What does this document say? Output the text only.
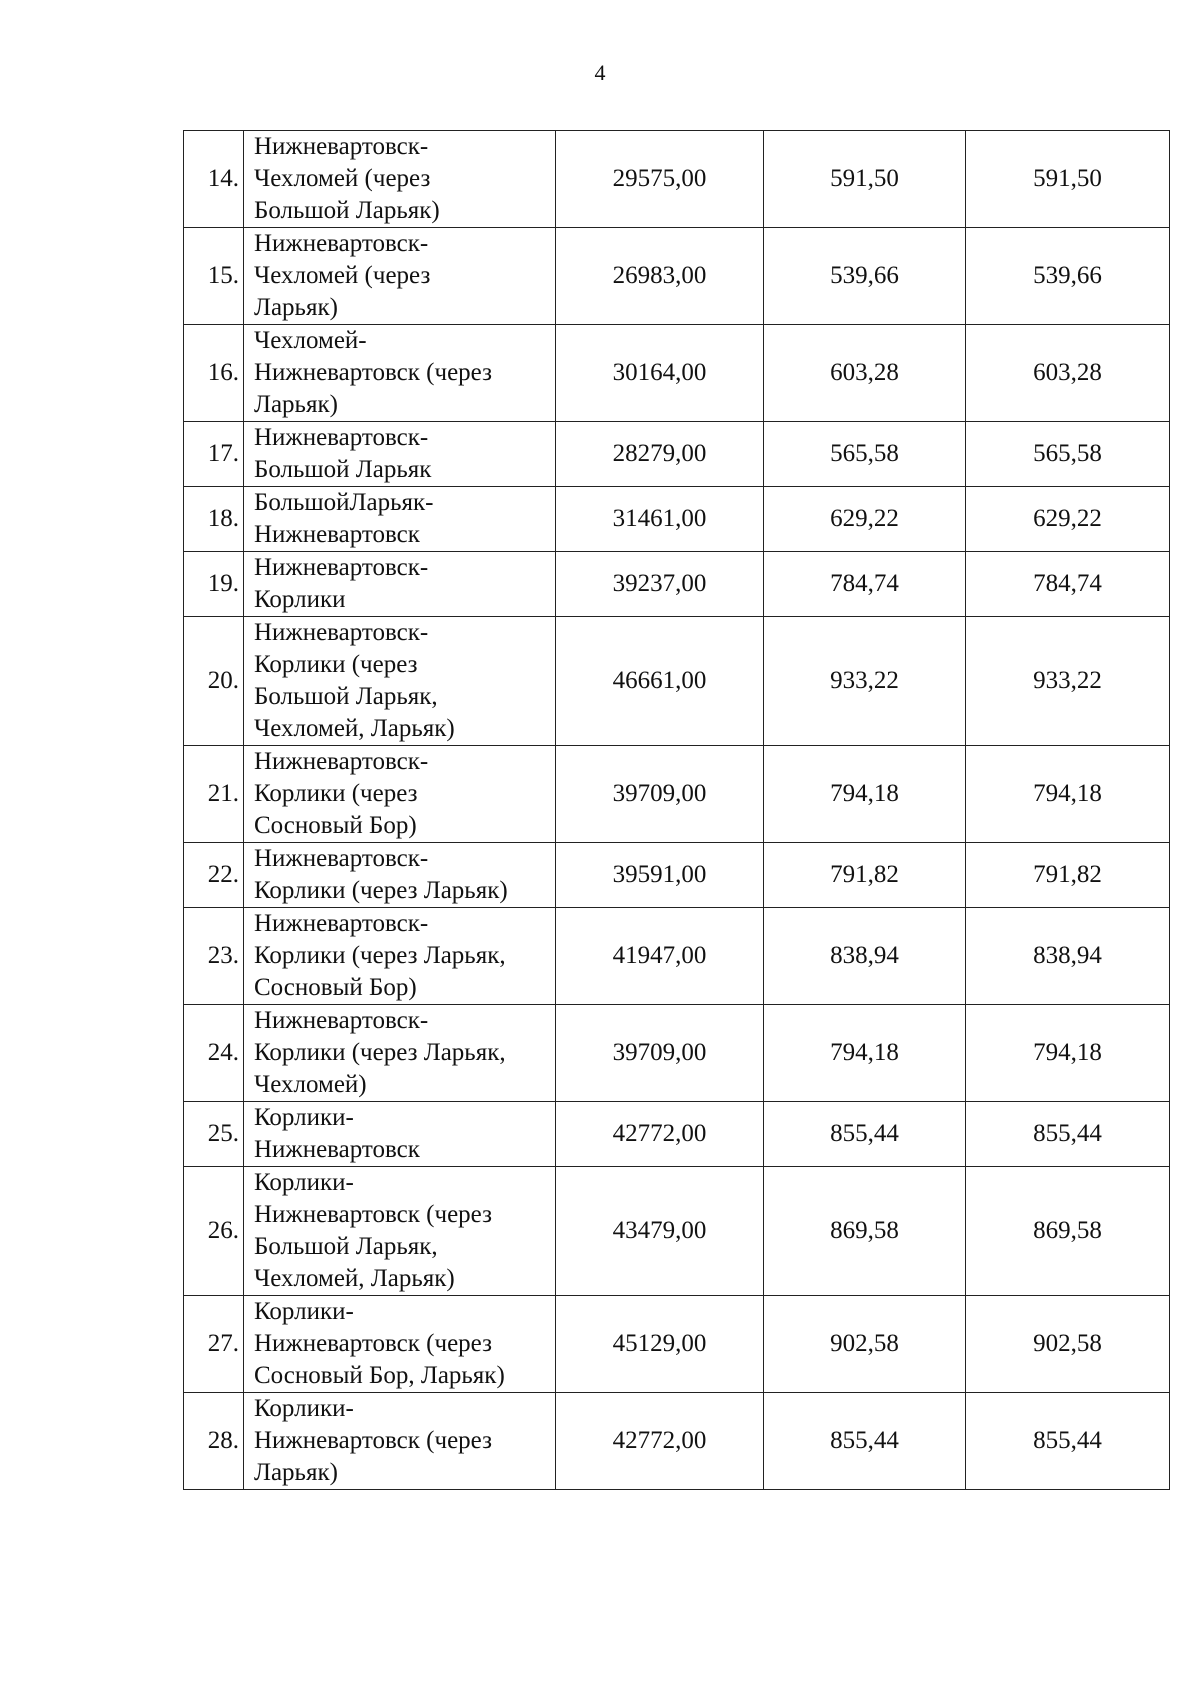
4
14.	Нижневартовск-
Чехломей (через
Большой Ларьяк)	29575,00	591,50	591,50
15.	Нижневартовск-
Чехломей (через
Ларьяк)	26983,00	539,66	539,66
16.	Чехломей-
Нижневартовск (через
Ларьяк)	30164,00	603,28	603,28
17.	Нижневартовск-
Большой Ларьяк	28279,00	565,58	565,58
18.	БольшойЛарьяк-
Нижневартовск	31461,00	629,22	629,22
19.	Нижневартовск-
Корлики	39237,00	784,74	784,74
20.	Нижневартовск-
Корлики (через
Большой Ларьяк,
Чехломей, Ларьяк)	46661,00	933,22	933,22
21.	Нижневартовск-
Корлики (через
Сосновый Бор)	39709,00	794,18	794,18
22.	Нижневартовск-
Корлики (через Ларьяк)	39591,00	791,82	791,82
23.	Нижневартовск-
Корлики (через Ларьяк,
Сосновый Бор)	41947,00	838,94	838,94
24.	Нижневартовск-
Корлики (через Ларьяк,
Чехломей)	39709,00	794,18	794,18
25.	Корлики-
Нижневартовск	42772,00	855,44	855,44
26.	Корлики-
Нижневартовск (через
Большой Ларьяк,
Чехломей, Ларьяк)	43479,00	869,58	869,58
27.	Корлики-
Нижневартовск (через
Сосновый Бор, Ларьяк)	45129,00	902,58	902,58
28.	Корлики-
Нижневартовск (через
Ларьяк)	42772,00	855,44	855,44
